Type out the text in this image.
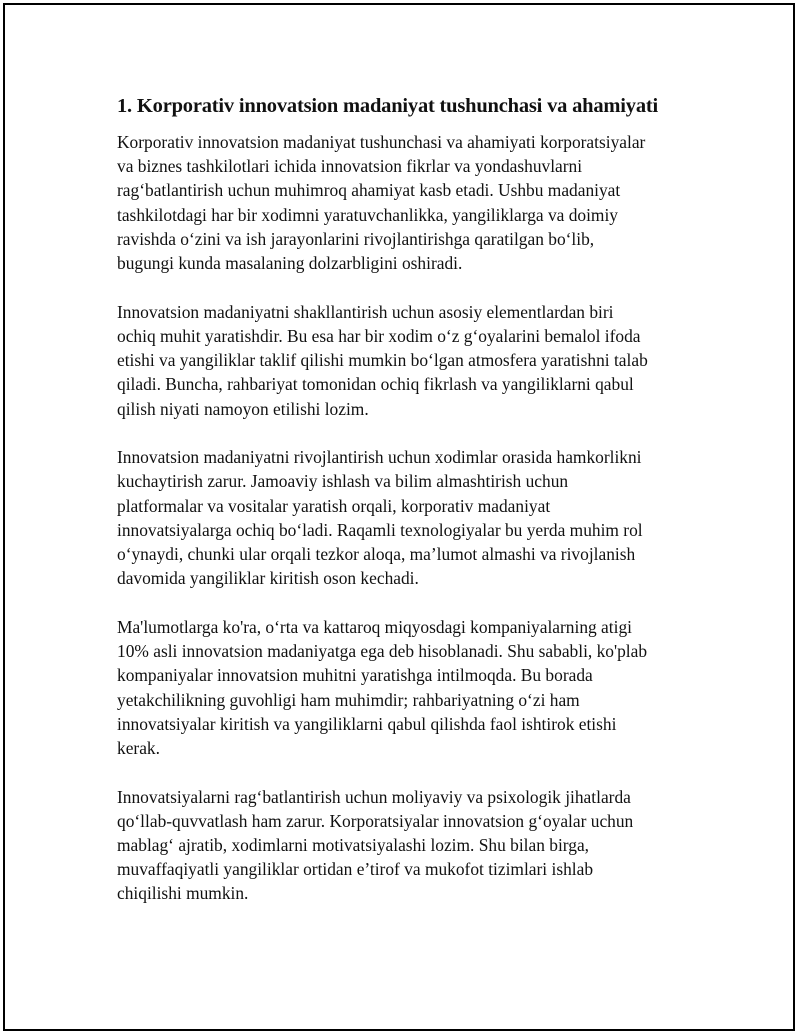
1. Korporativ innovatsion madaniyat tushunchasi va ahamiyati

Korporativ innovatsion madaniyat tushunchasi va ahamiyati korporatsiyalar
va biznes tashkilotlari ichida innovatsion fikrlar va yondashuvlarni
rag‘batlantirish uchun muhimroq ahamiyat kasb etadi. Ushbu madaniyat
tashkilotdagi har bir xodimni yaratuvchanlikka, yangiliklarga va doimiy
ravishda o‘zini va ish jarayonlarini rivojlantirishga qaratilgan bo‘lib,
bugungi kunda masalaning dolzarbligini oshiradi.

Innovatsion madaniyatni shakllantirish uchun asosiy elementlardan biri
ochiq muhit yaratishdir. Bu esa har bir xodim o‘z g‘oyalarini bemalol ifoda
etishi va yangiliklar taklif qilishi mumkin bo‘lgan atmosfera yaratishni talab
qiladi. Buncha, rahbariyat tomonidan ochiq fikrlash va yangiliklarni qabul
qilish niyati namoyon etilishi lozim.

Innovatsion madaniyatni rivojlantirish uchun xodimlar orasida hamkorlikni
kuchaytirish zarur. Jamoaviy ishlash va bilim almashtirish uchun
platformalar va vositalar yaratish orqali, korporativ madaniyat
innovatsiyalarga ochiq bo‘ladi. Raqamli texnologiyalar bu yerda muhim rol
o‘ynaydi, chunki ular orqali tezkor aloqa, ma’lumot almashi va rivojlanish
davomida yangiliklar kiritish oson kechadi.

Ma'lumotlarga ko'ra, o‘rta va kattaroq miqyosdagi kompaniyalarning atigi
10% asli innovatsion madaniyatga ega deb hisoblanadi. Shu sababli, ko'plab
kompaniyalar innovatsion muhitni yaratishga intilmoqda. Bu borada
yetakchilikning guvohligi ham muhimdir; rahbariyatning o‘zi ham
innovatsiyalar kiritish va yangiliklarni qabul qilishda faol ishtirok etishi
kerak.

Innovatsiyalarni rag‘batlantirish uchun moliyaviy va psixologik jihatlarda
qo‘llab-quvvatlash ham zarur. Korporatsiyalar innovatsion g‘oyalar uchun
mablag‘ ajratib, xodimlarni motivatsiyalashi lozim. Shu bilan birga,
muvaffaqiyatli yangiliklar ortidan e’tirof va mukofot tizimlari ishlab
chiqilishi mumkin.
